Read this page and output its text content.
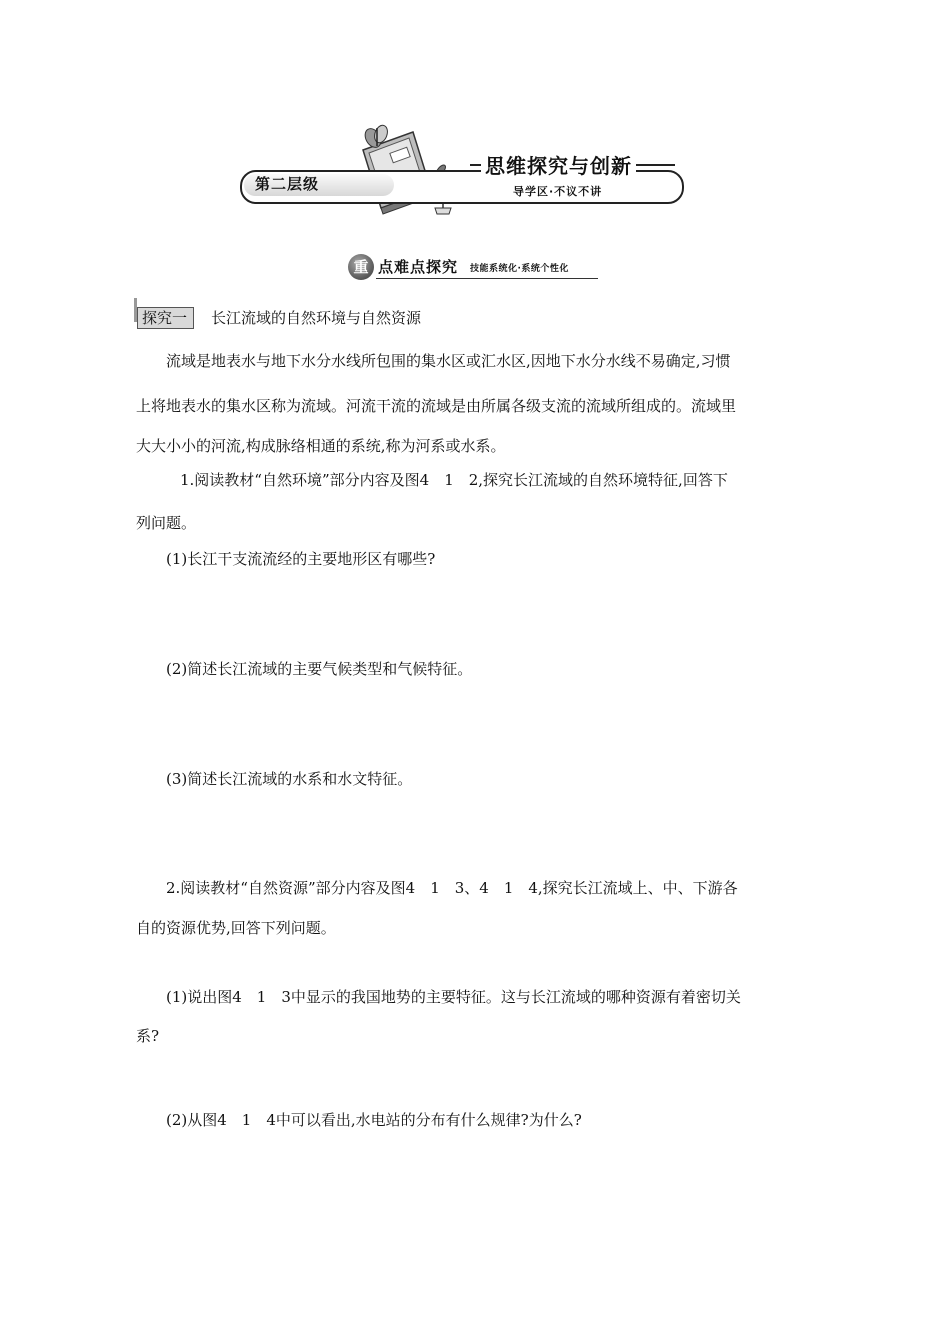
第二层级
思维探究与创新
导学区·不议不讲
重 点难点探究 技能系统化·系统个性化
探究一	长江流域的自然环境与自然资源
流域是地表水与地下水分水线所包围的集水区或汇水区,因地下水分水线不易确定,习惯
上将地表水的集水区称为流域。河流干流的流域是由所属各级支流的流域所组成的。流域里
大大小小的河流,构成脉络相通的系统,称为河系或水系。
1.阅读教材“自然环境”部分内容及图4　1　2,探究长江流域的自然环境特征,回答下
列问题。
(1)长江干支流流经的主要地形区有哪些?
(2)简述长江流域的主要气候类型和气候特征。
(3)简述长江流域的水系和水文特征。
2.阅读教材“自然资源”部分内容及图4　1　3、4　1　4,探究长江流域上、中、下游各
自的资源优势,回答下列问题。
(1)说出图4　1　3中显示的我国地势的主要特征。这与长江流域的哪种资源有着密切关
系?
(2)从图4　1　4中可以看出,水电站的分布有什么规律?为什么?
